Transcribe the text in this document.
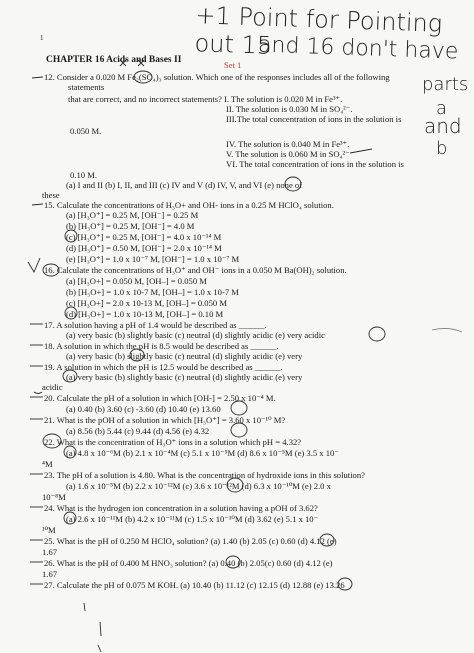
1
CHAPTER 16 Acids and Bases II	Set 1
+1 Point for Pointing out 15
and 16 don't have
parts
a
and
b
12. Consider a 0.020 M Fe₂(SO₄)₃ solution. Which one of the responses includes all of the following
statements
that are correct, and no incorrect statements? I. The solution is 0.020 M in Fe³⁺.
II. The solution is 0.030 M in SO₄²⁻.
III.The total concentration of ions in the solution is
0.050 M.
IV. The solution is 0.040 M in Fe³⁺.
V. The solution is 0.060 M in SO₄²⁻
VI. The total concentration of ions in the solution is
0.10 M.
(a) I and II (b) I, II, and III (c) IV and V (d) IV, V, and VI (e) none of
these
15. Calculate the concentrations of H₃O+ and OH- ions in a 0.25 M HClO₄ solution.
(a) [H₃O⁺] = 0.25 M, [OH⁻] = 0.25 M
(b) [H₃O⁺] = 0.25 M, [OH⁻] = 4.0 M
(c) [H₃O⁺] = 0.25 M, [OH⁻] = 4.0 x 10⁻¹⁴ M
(d) [H₃O⁺] = 0.50 M, [OH⁻] = 2.0 x 10⁻¹⁴ M
(e) [H₃O⁺] = 1.0 x 10⁻⁷ M, [OH⁻] = 1.0 x 10⁻⁷ M
16. Calculate the concentrations of H₃O⁺ and OH⁻ ions in a 0.050 M Ba(OH)₂ solution.
(a) [H₃O+] = 0.050 M, [OH–] = 0.050 M
(b) [H₃O+] = 1.0 x 10-7 M, [OH–] = 1.0 x 10-7 M
(c) [H₃O+] = 2.0 x 10-13 M, [OH–] = 0.050 M
(d) [H₃O+] = 1.0 x 10-13 M, [OH–] = 0.10 M
17. A solution having a pH of 1.4 would be described as ______.
(a) very basic (b) slightly basic (c) neutral (d) slightly acidic (e) very acidic
18. A solution in which the pH is 8.5 would be described as ______.
(a) very basic (b) slightly basic (c) neutral (d) slightly acidic (e) very
19. A solution in which the pH is 12.5 would be described as ______.
(a) very basic (b) slightly basic (c) neutral (d) slightly acidic (e) very
acidic
20. Calculate the pH of a solution in which [OH-] = 2.50 x 10⁻⁴ M.
(a) 0.40 (b) 3.60 (c) -3.60 (d) 10.40 (e) 13.60
21. What is the pOH of a solution in which [H₃O⁺] = 3.60 x 10⁻¹⁰ M?
(a) 8.56 (b) 5.44 (c) 9.44 (d) 4.56 (e) 4.32
22. What is the concentration of H₃O⁺ ions in a solution which pH = 4.32?
(a) 4.8 x 10⁻⁶M (b) 2.1 x 10⁻⁴M (c) 5.1 x 10⁻⁵M (d) 8.6 x 10⁻⁵M (e) 3.5 x 10⁻
⁴M
23. The pH of a solution is 4.80. What is the concentration of hydroxide ions in this solution?
(a) 1.6 x 10⁻⁵M (b) 2.2 x 10⁻¹²M (c) 3.6 x 10⁻¹²M (d) 6.3 x 10⁻¹⁰M (e) 2.0 x
10⁻⁸M
24. What is the hydrogen ion concentration in a solution having a pOH of 3.62?
(a) 2.6 x 10⁻¹¹M (b) 4.2 x 10⁻¹¹M (c) 1.5 x 10⁻¹⁰M (d) 3.62 (e) 5.1 x 10⁻
¹⁰M
25. What is the pH of 0.250 M HClO₄ solution? (a) 1.40 (b) 2.05 (c) 0.60 (d) 4.12 (e)
1.67
26. What is the pH of 0.400 M HNO₃ solution? (a) 0.40 (b) 2.05(c) 0.60 (d) 4.12 (e)
1.67
27. Calculate the pH of 0.075 M KOH. (a) 10.40 (b) 11.12 (c) 12.15 (d) 12.88 (e) 13.26
